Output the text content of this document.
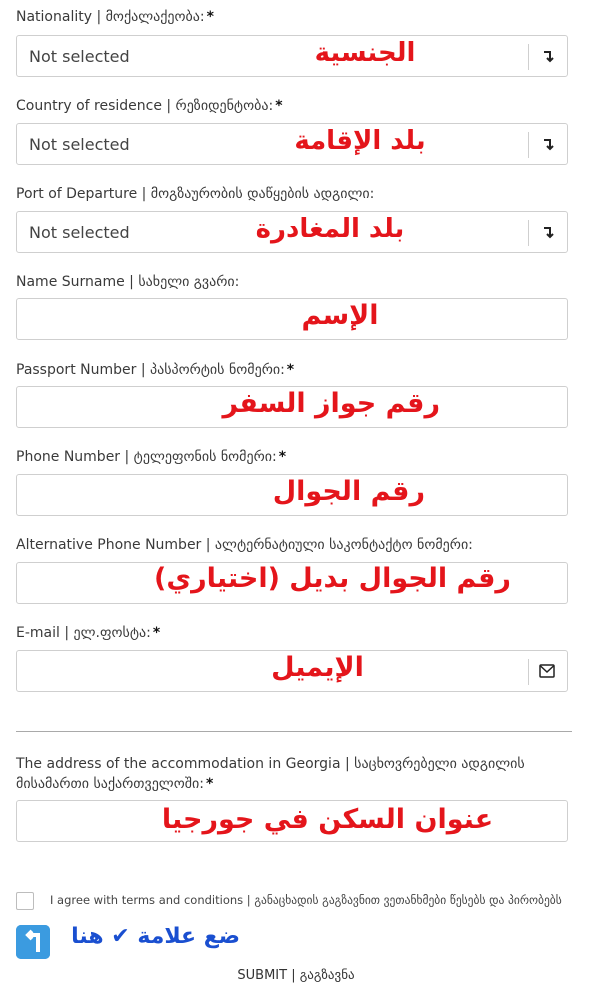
Nationality | მოქალაქეობა: *
Not selected	الجنسية
Country of residence | რეზიდენტობა: *
Not selected	بلد الإقامة
Port of Departure | მოგზაურობის დაწყების ადგილი:
Not selected	بلد المغادرة
Name Surname | სახელი გვარი:
الإسم
Passport Number | პასპორტის ნომერი: *
رقم جواز السفر
Phone Number | ტელეფონის ნომერი: *
رقم الجوال
Alternative Phone Number | ალტერნატიული საკონტაქტო ნომერი:
رقم الجوال بديل (اختياري)
E-mail | ელ.ფოსტა: *
الإيميل
The address of the accommodation in Georgia | საცხოვრებელი ადგილის
მისამართი საქართველოში: *
عنوان السكن في جورجيا
I agree with terms and conditions | განაცხადის გაგზავნით ვეთანხმები წესებს და პირობებს
ضع علامة ✔ هنا
SUBMIT | გაგზავნა
